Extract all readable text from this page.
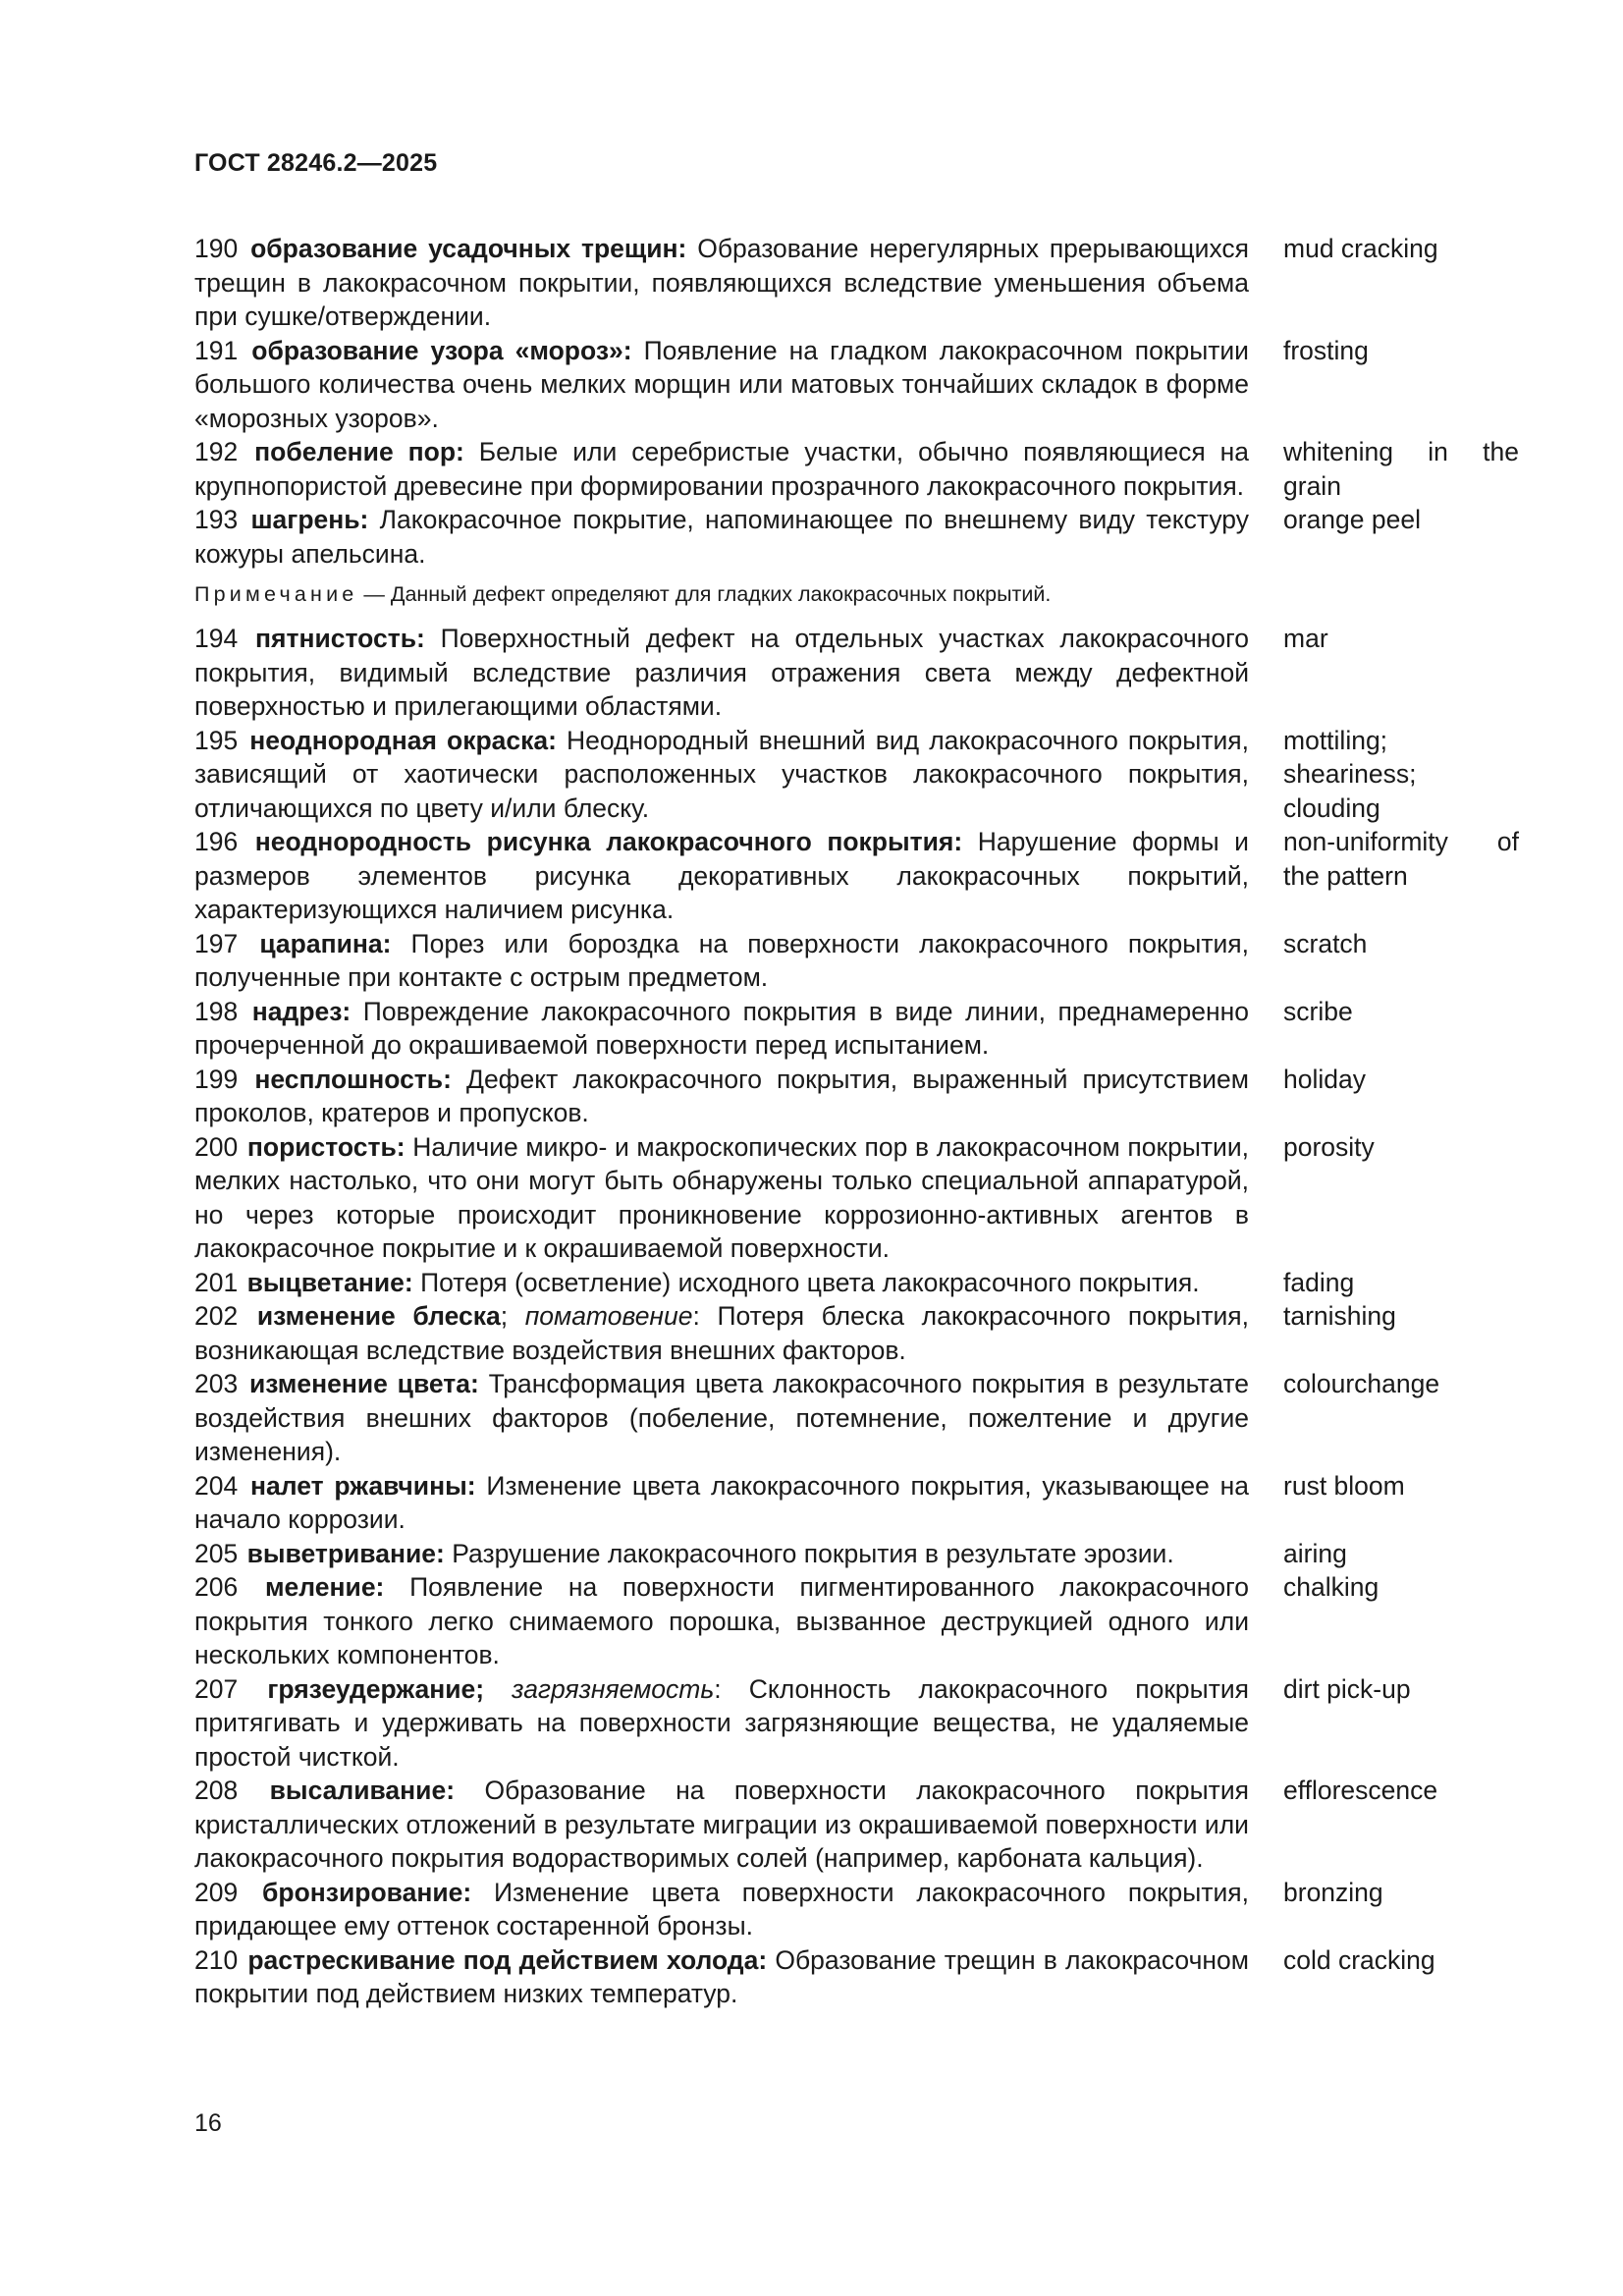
ГОСТ 28246.2—2025
190 образование усадочных трещин: Образование нерегулярных прерывающихся трещин в лакокрасочном покрытии, появляющихся вследствие уменьшения объема при сушке/отверждении.
mud cracking
191 образование узора «мороз»: Появление на гладком лакокрасочном покрытии большого количества очень мелких морщин или матовых тончайших складок в форме «морозных узоров».
frosting
192 побеление пор: Белые или серебристые участки, обычно появляющиеся на крупнопористой древесине при формировании прозрачного лакокрасочного покрытия.
whitening in the grain
193 шагрень: Лакокрасочное покрытие, напоминающее по внешнему виду текстуру кожуры апельсина.
orange peel
Примечание — Данный дефект определяют для гладких лакокрасочных покрытий.
194 пятнистость: Поверхностный дефект на отдельных участках лакокрасочного покрытия, видимый вследствие различия отражения света между дефектной поверхностью и прилегающими областями.
mar
195 неоднородная окраска: Неоднородный внешний вид лакокрасочного покрытия, зависящий от хаотически расположенных участков лакокрасочного покрытия, отличающихся по цвету и/или блеску.
mottiling; sheariness; clouding
196 неоднородность рисунка лакокрасочного покрытия: Нарушение формы и размеров элементов рисунка декоративных лакокрасочных покрытий, характеризующихся наличием рисунка.
non-uniformity of the pattern
197 царапина: Порез или бороздка на поверхности лакокрасочного покрытия, полученные при контакте с острым предметом.
scratch
198 надрез: Повреждение лакокрасочного покрытия в виде линии, преднамеренно прочерченной до окрашиваемой поверхности перед испытанием.
scribe
199 несплошность: Дефект лакокрасочного покрытия, выраженный присутствием проколов, кратеров и пропусков.
holiday
200 пористость: Наличие микро- и макроскопических пор в лакокрасочном покрытии, мелких настолько, что они могут быть обнаружены только специальной аппаратурой, но через которые происходит проникновение коррозионно-активных агентов в лакокрасочное покрытие и к окрашиваемой поверхности.
porosity
201 выцветание: Потеря (осветление) исходного цвета лакокрасочного покрытия.	fading
202 изменение блеска; поматовение: Потеря блеска лакокрасочного покрытия, возникающая вследствие воздействия внешних факторов.
tarnishing
203 изменение цвета: Трансформация цвета лакокрасочного покрытия в результате воздействия внешних факторов (побеление, потемнение, пожелтение и другие изменения).
colourchange
204 налет ржавчины: Изменение цвета лакокрасочного покрытия, указывающее на начало коррозии.
rust bloom
205 выветривание: Разрушение лакокрасочного покрытия в результате эрозии.	airing
206 меление: Появление на поверхности пигментированного лакокрасочного покрытия тонкого легко снимаемого порошка, вызванное деструкцией одного или нескольких компонентов.
chalking
207 грязеудержание; загрязняемость: Склонность лакокрасочного покрытия притягивать и удерживать на поверхности загрязняющие вещества, не удаляемые простой чисткой.
dirt pick-up
208 высаливание: Образование на поверхности лакокрасочного покрытия кристаллических отложений в результате миграции из окрашиваемой поверхности или лакокрасочного покрытия водорастворимых солей (например, карбоната кальция).
efflorescence
209 бронзирование: Изменение цвета поверхности лакокрасочного покрытия, придающее ему оттенок состаренной бронзы.
bronzing
210 растрескивание под действием холода: Образование трещин в лакокрасочном покрытии под действием низких температур.
cold cracking
16
